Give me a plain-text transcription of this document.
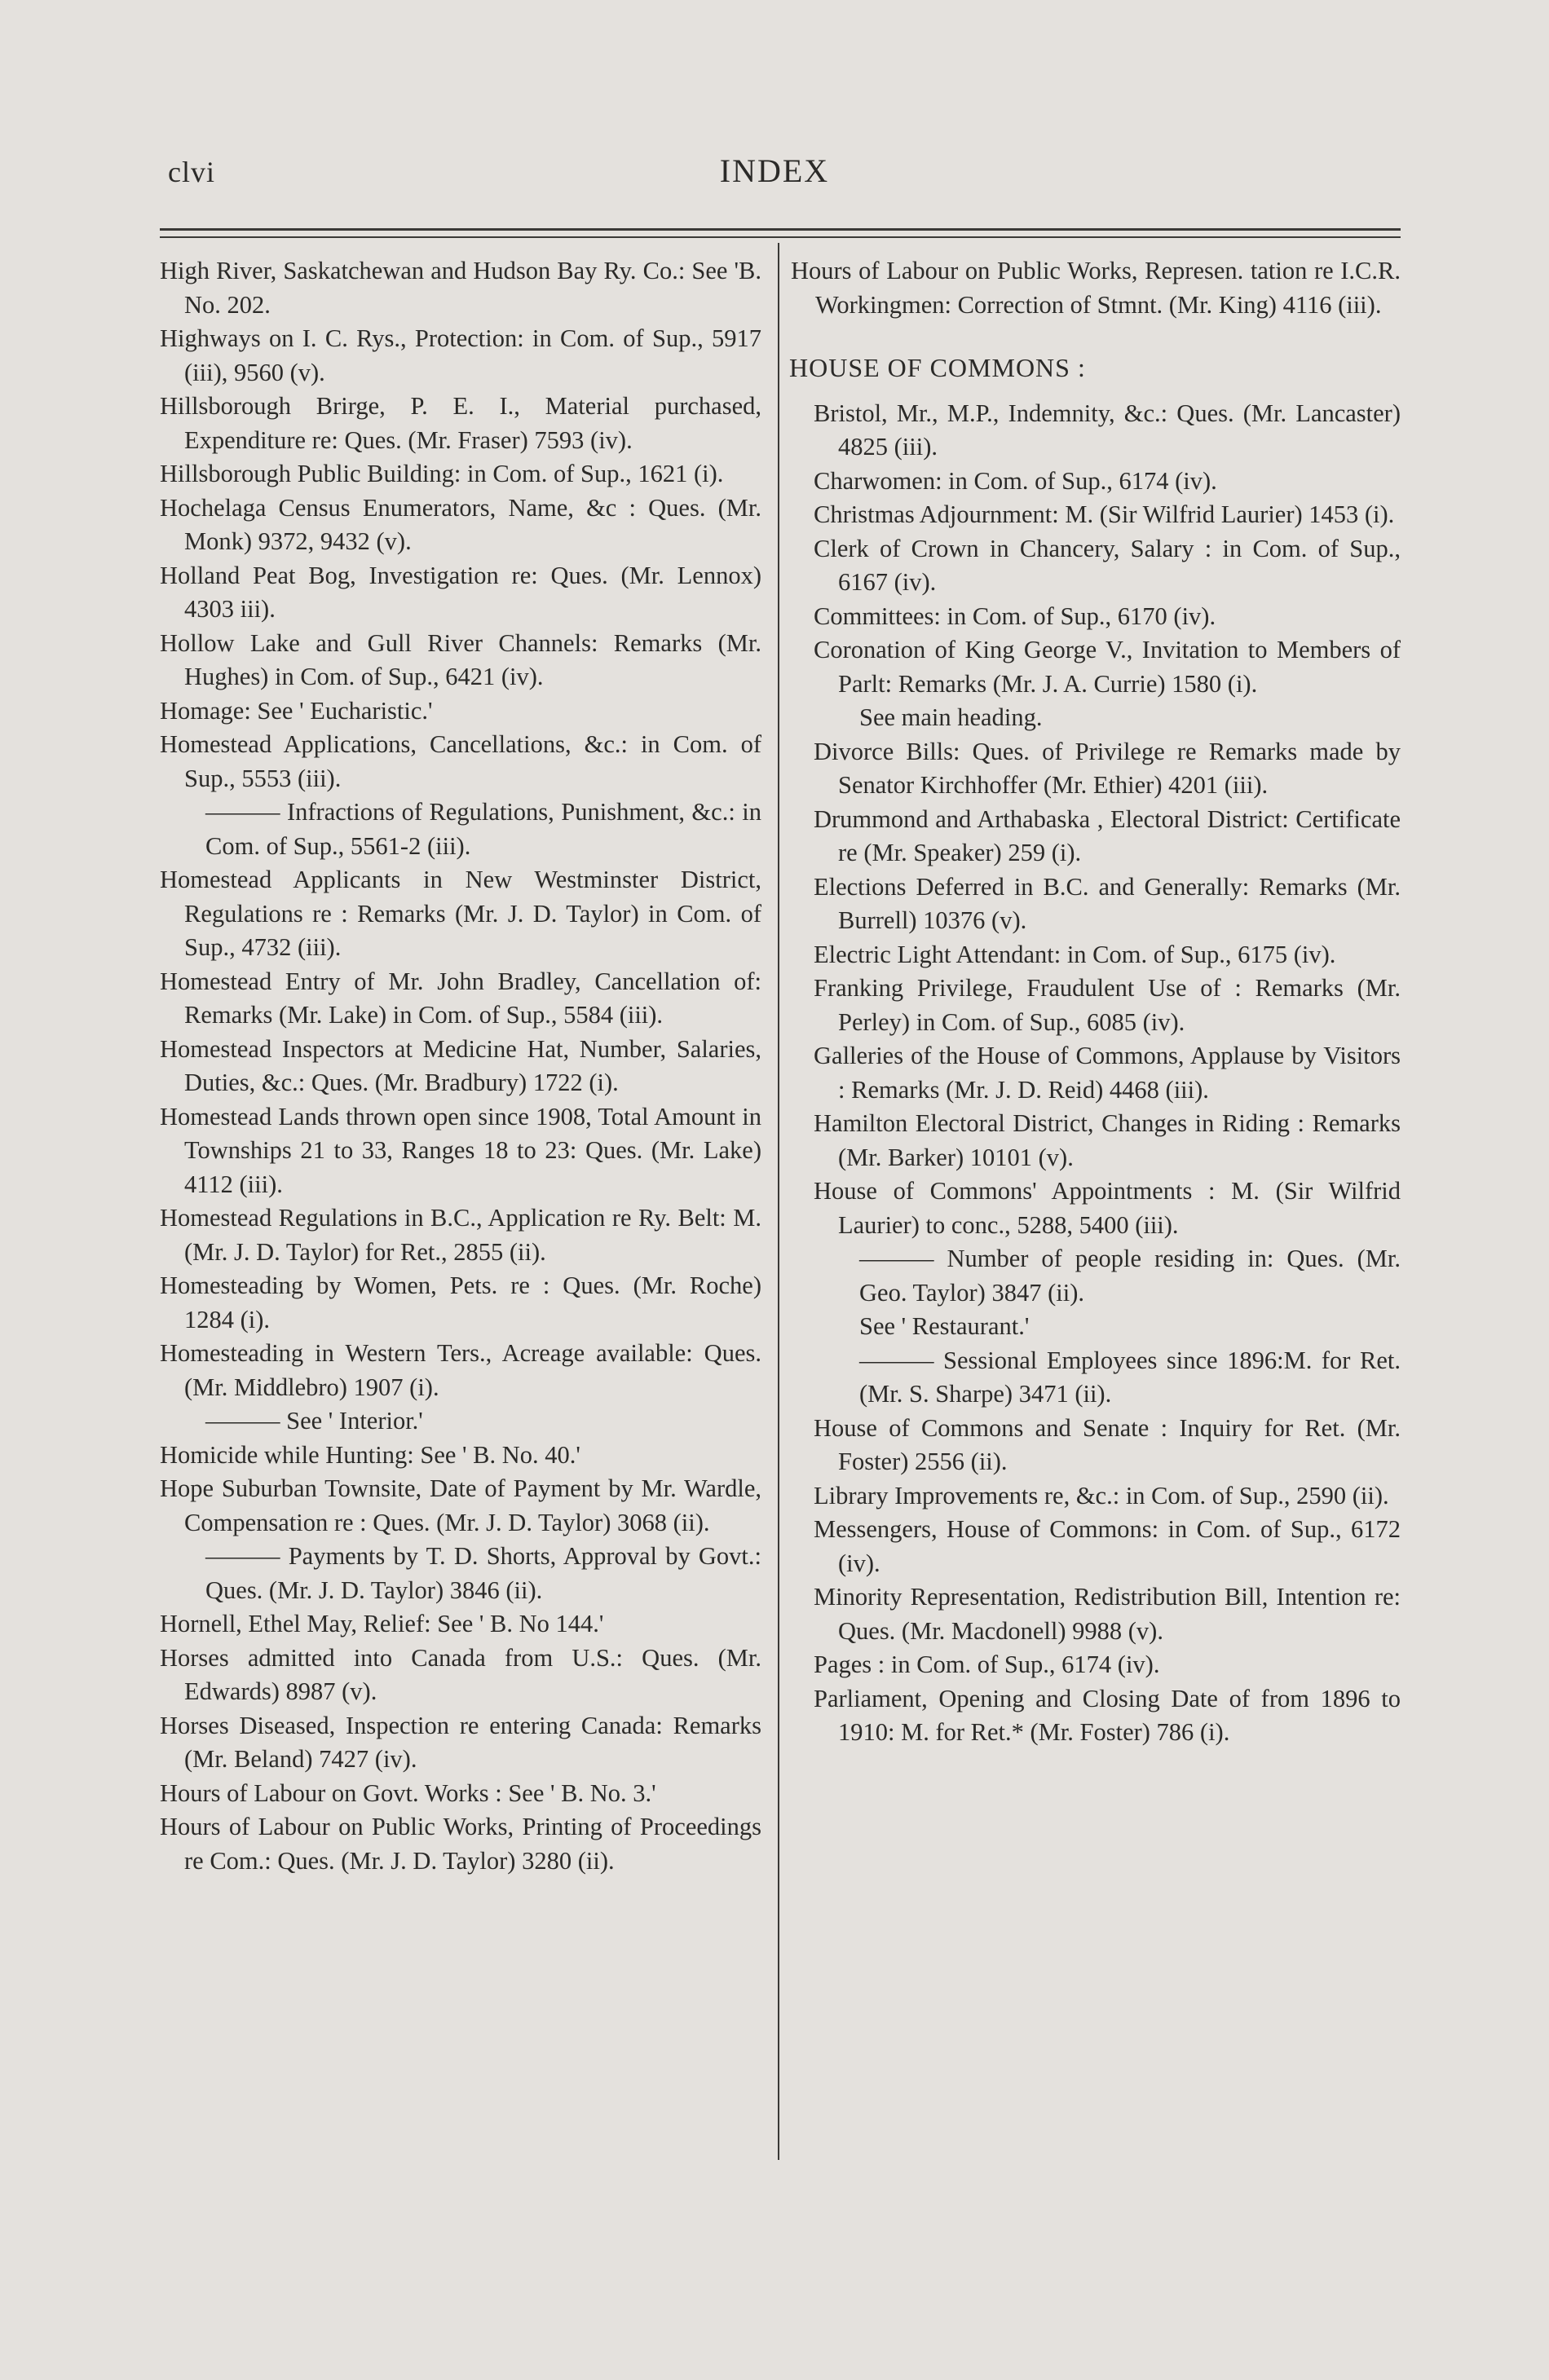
clvi	INDEX

High River, Saskatchewan and Hudson Bay Ry. Co.: See 'B. No. 202.

Highways on I. C. Rys., Protection: in Com. of Sup., 5917 (iii), 9560 (v).

Hillsborough Brirge, P. E. I., Material purchased, Expenditure re: Ques. (Mr. Fraser) 7593 (iv).

Hillsborough Public Building: in Com. of Sup., 1621 (i).

Hochelaga Census Enumerators, Name, &c : Ques. (Mr. Monk) 9372, 9432 (v).

Holland Peat Bog, Investigation re: Ques. (Mr. Lennox) 4303 iii).

Hollow Lake and Gull River Channels: Remarks (Mr. Hughes) in Com. of Sup., 6421 (iv).

Homage: See ' Eucharistic.'

Homestead Applications, Cancellations, &c.: in Com. of Sup., 5553 (iii).

——— Infractions of Regulations, Punishment, &c.: in Com. of Sup., 5561-2 (iii).

Homestead Applicants in New Westminster District, Regulations re : Remarks (Mr. J. D. Taylor) in Com. of Sup., 4732 (iii).

Homestead Entry of Mr. John Bradley, Cancellation of: Remarks (Mr. Lake) in Com. of Sup., 5584 (iii).

Homestead Inspectors at Medicine Hat, Number, Salaries, Duties, &c.: Ques. (Mr. Bradbury) 1722 (i).

Homestead Lands thrown open since 1908, Total Amount in Townships 21 to 33, Ranges 18 to 23: Ques. (Mr. Lake) 4112 (iii).

Homestead Regulations in B.C., Application re Ry. Belt: M. (Mr. J. D. Taylor) for Ret., 2855 (ii).

Homesteading by Women, Pets. re : Ques. (Mr. Roche) 1284 (i).

Homesteading in Western Ters., Acreage available: Ques. (Mr. Middlebro) 1907 (i).

——— See ' Interior.'

Homicide while Hunting: See ' B. No. 40.'

Hope Suburban Townsite, Date of Payment by Mr. Wardle, Compensation re : Ques. (Mr. J. D. Taylor) 3068 (ii).

——— Payments by T. D. Shorts, Approval by Govt.: Ques. (Mr. J. D. Taylor) 3846 (ii).

Hornell, Ethel May, Relief: See ' B. No 144.'

Horses admitted into Canada from U.S.: Ques. (Mr. Edwards) 8987 (v).

Horses Diseased, Inspection re entering Canada: Remarks (Mr. Beland) 7427 (iv).

Hours of Labour on Govt. Works : See ' B. No. 3.'

Hours of Labour on Public Works, Printing of Proceedings re Com.: Ques. (Mr. J. D. Taylor) 3280 (ii).

Hours of Labour on Public Works, Represen. tation re I.C.R. Workingmen: Correction of Stmnt. (Mr. King) 4116 (iii).

HOUSE OF COMMONS :

Bristol, Mr., M.P., Indemnity, &c.: Ques. (Mr. Lancaster) 4825 (iii).

Charwomen: in Com. of Sup., 6174 (iv).

Christmas Adjournment: M. (Sir Wilfrid Laurier) 1453 (i).

Clerk of Crown in Chancery, Salary : in Com. of Sup., 6167 (iv).

Committees: in Com. of Sup., 6170 (iv).

Coronation of King George V., Invitation to Members of Parlt: Remarks (Mr. J. A. Currie) 1580 (i).

See main heading.

Divorce Bills: Ques. of Privilege re Remarks made by Senator Kirchhoffer (Mr. Ethier) 4201 (iii).

Drummond and Arthabaska , Electoral District: Certificate re (Mr. Speaker) 259 (i).

Elections Deferred in B.C. and Generally: Remarks (Mr. Burrell) 10376 (v).

Electric Light Attendant: in Com. of Sup., 6175 (iv).

Franking Privilege, Fraudulent Use of : Remarks (Mr. Perley) in Com. of Sup., 6085 (iv).

Galleries of the House of Commons, Applause by Visitors : Remarks (Mr. J. D. Reid) 4468 (iii).

Hamilton Electoral District, Changes in Riding : Remarks (Mr. Barker) 10101 (v).

House of Commons' Appointments : M. (Sir Wilfrid Laurier) to conc., 5288, 5400 (iii).

——— Number of people residing in: Ques. (Mr. Geo. Taylor) 3847 (ii).

See ' Restaurant.'

——— Sessional Employees since 1896:M. for Ret. (Mr. S. Sharpe) 3471 (ii).

House of Commons and Senate : Inquiry for Ret. (Mr. Foster) 2556 (ii).

Library Improvements re, &c.: in Com. of Sup., 2590 (ii).

Messengers, House of Commons: in Com. of Sup., 6172 (iv).

Minority Representation, Redistribution Bill, Intention re: Ques. (Mr. Macdonell) 9988 (v).

Pages : in Com. of Sup., 6174 (iv).

Parliament, Opening and Closing Date of from 1896 to 1910: M. for Ret.* (Mr. Foster) 786 (i).
